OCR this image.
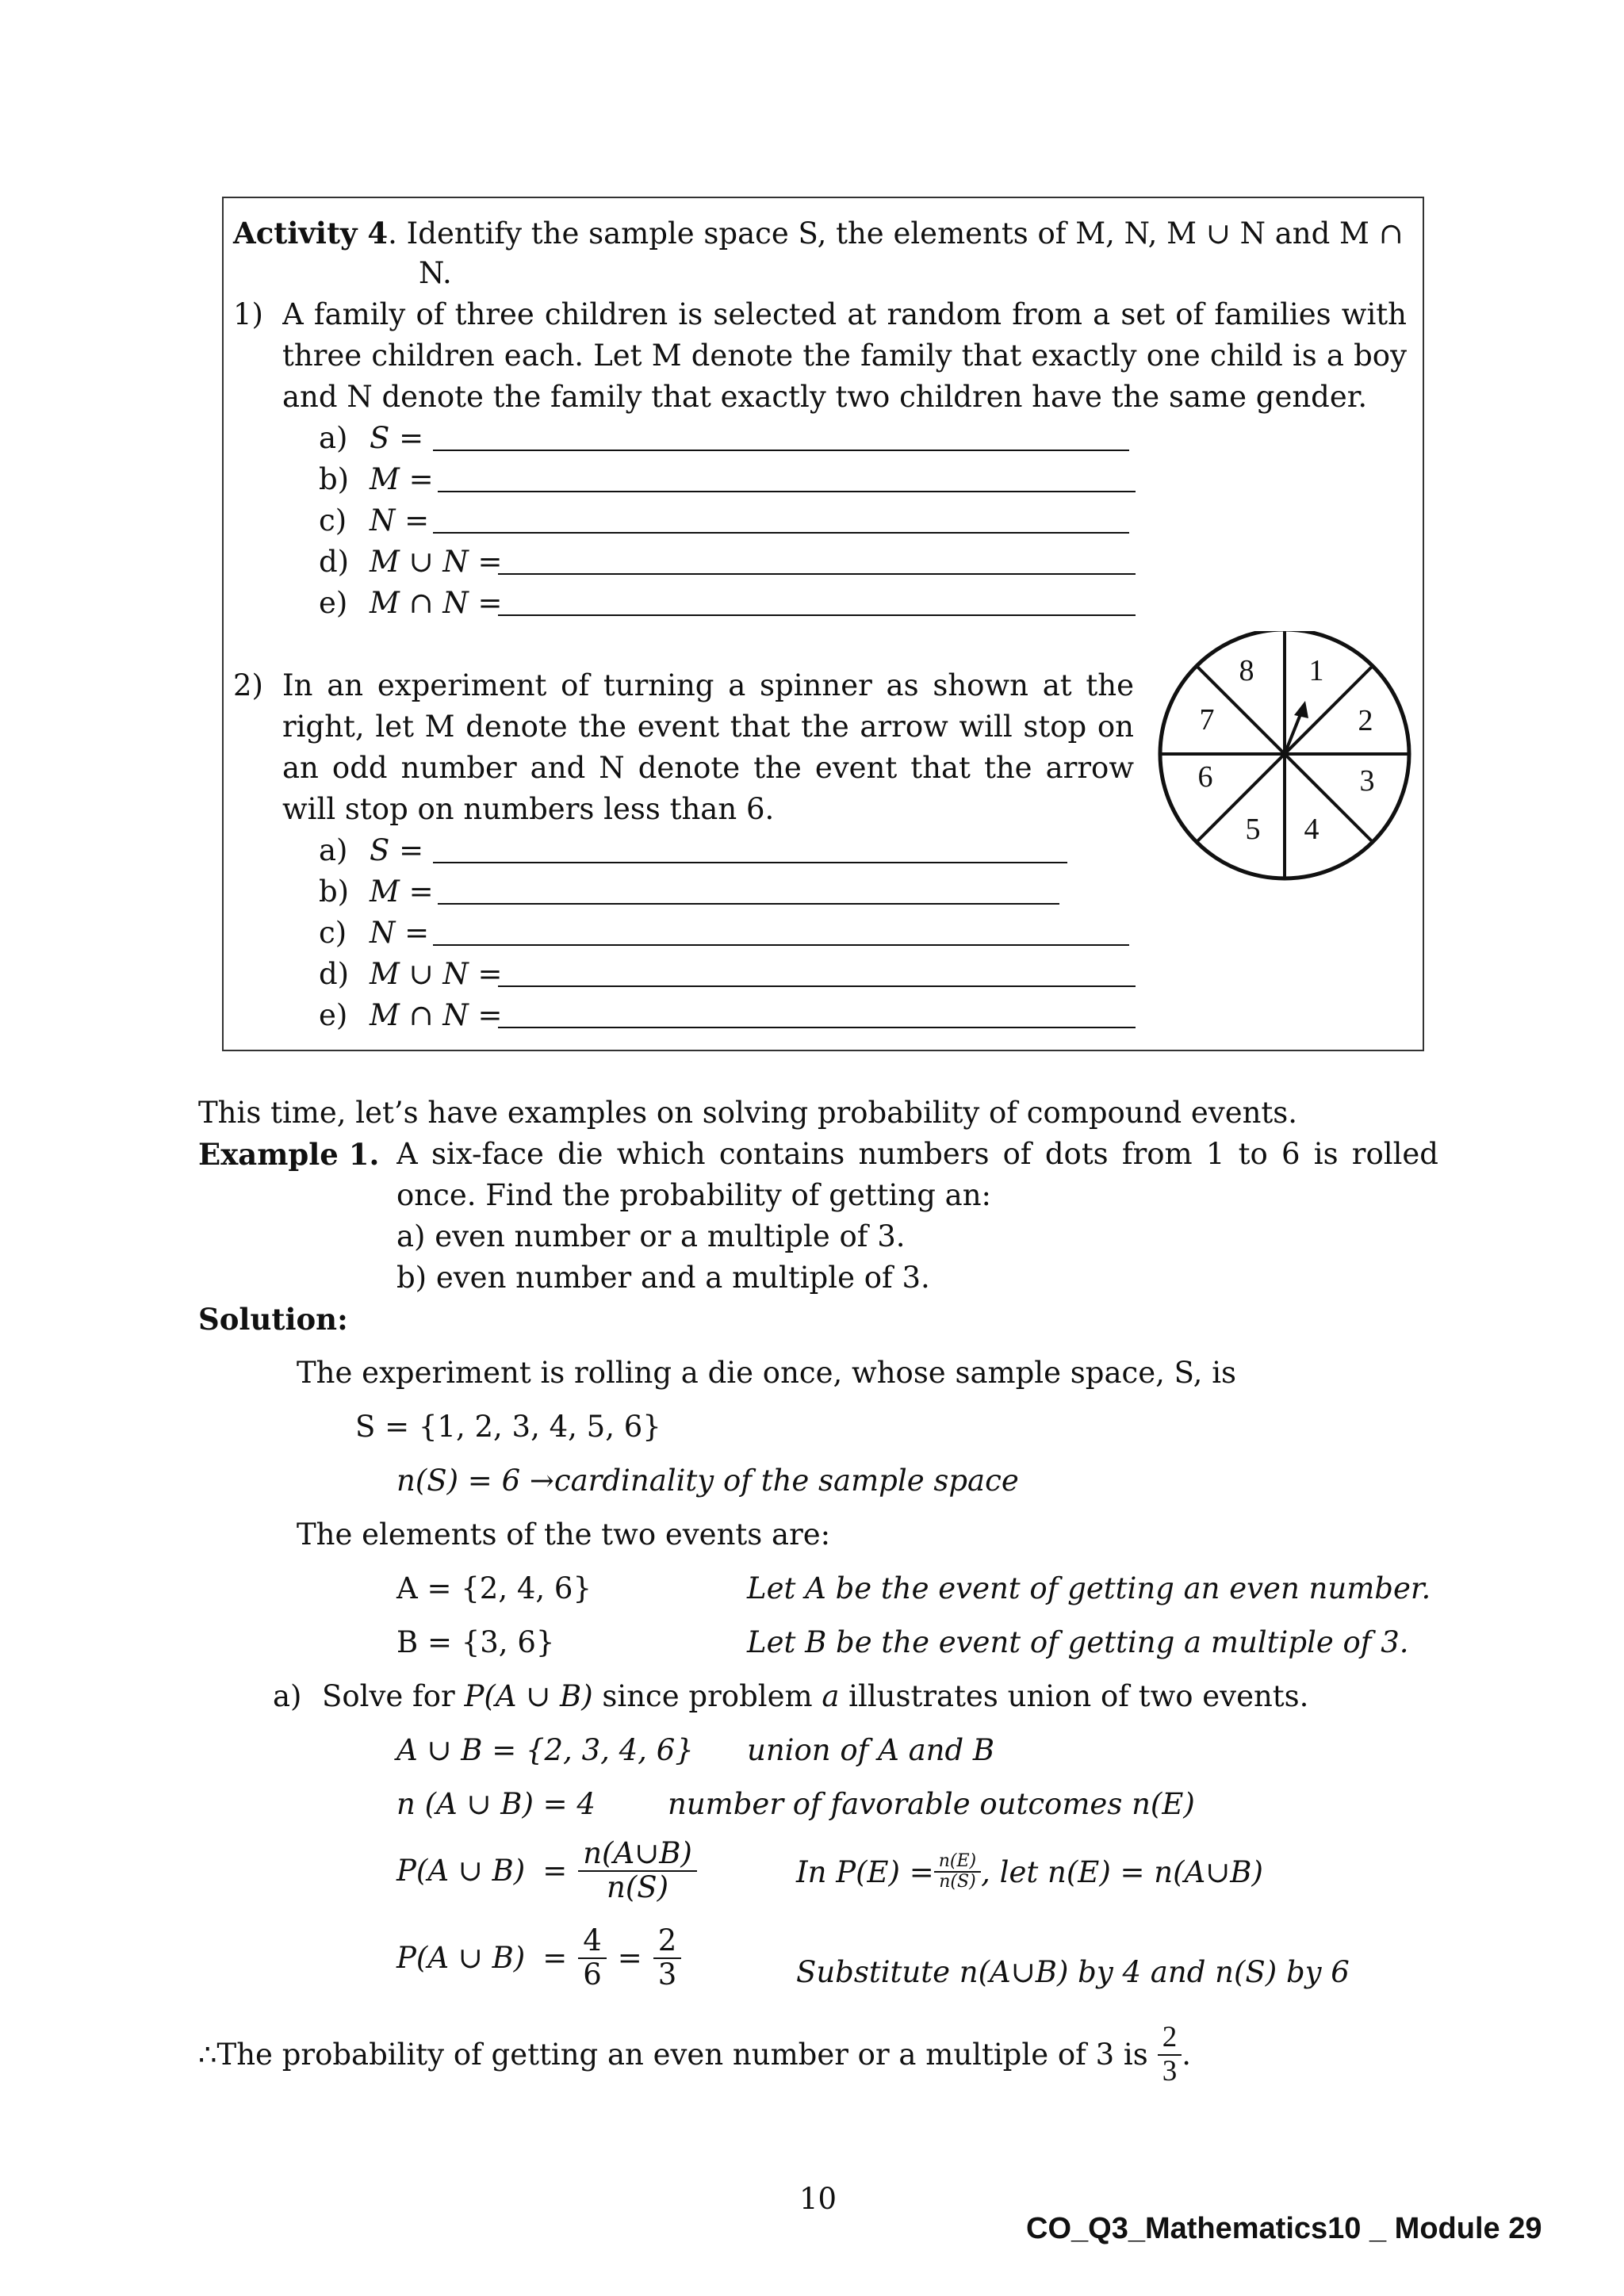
Activity 4. Identify the sample space S, the elements of M, N, M ∪ N and M ∩
N.
1) A family of three children is selected at random from a set of families with
three children each. Let M denote the family that exactly one child is a boy
and N denote the family that exactly two children have the same gender.
a) S =
b) M =
c) N =
d) M ∪ N =
e) M ∩ N =
2) In an experiment of turning a spinner as shown at the
right, let M denote the event that the arrow will stop on
an odd number and N denote the event that the arrow
will stop on numbers less than 6.
a) S =
b) M =
c) N =
d) M ∪ N =
e) M ∩ N =
8 1
2
3
4
5
6
7
This time, let’s have examples on solving probability of compound events.
Example 1. A six-face die which contains numbers of dots from 1 to 6 is rolled
once. Find the probability of getting an:
a) even number or a multiple of 3.
b) even number and a multiple of 3.
Solution:
The experiment is rolling a die once, whose sample space, S, is
S = {1, 2, 3, 4, 5, 6}
n(S) = 6 →cardinality of the sample space
The elements of the two events are:
A = {2, 4, 6}	Let A be the event of getting an even number.
B = {3, 6}	Let B be the event of getting a multiple of 3.
a) Solve for P(A ∪ B) since problem a illustrates union of two events.
A ∪ B = {2, 3, 4, 6} union of A and B
n (A ∪ B) = 4 number of favorable outcomes n(E)
P(A ∪ $B) = \frac{n(A\cup B)}{n(S)}$	In $P(E) = \frac{n(E)}{n(S)}$ , let n(E) = n(A∪B)
P(A ∪ $B) = \frac{4}{6} = \frac{2}{3}$	Substitute n(A∪B) by 4 and n(S) by 6
∴The probability of getting an even number or a multiple of 3 is $\frac{2}{3}$ .
10
CO_Q3_Mathematics10 _ Module 29
